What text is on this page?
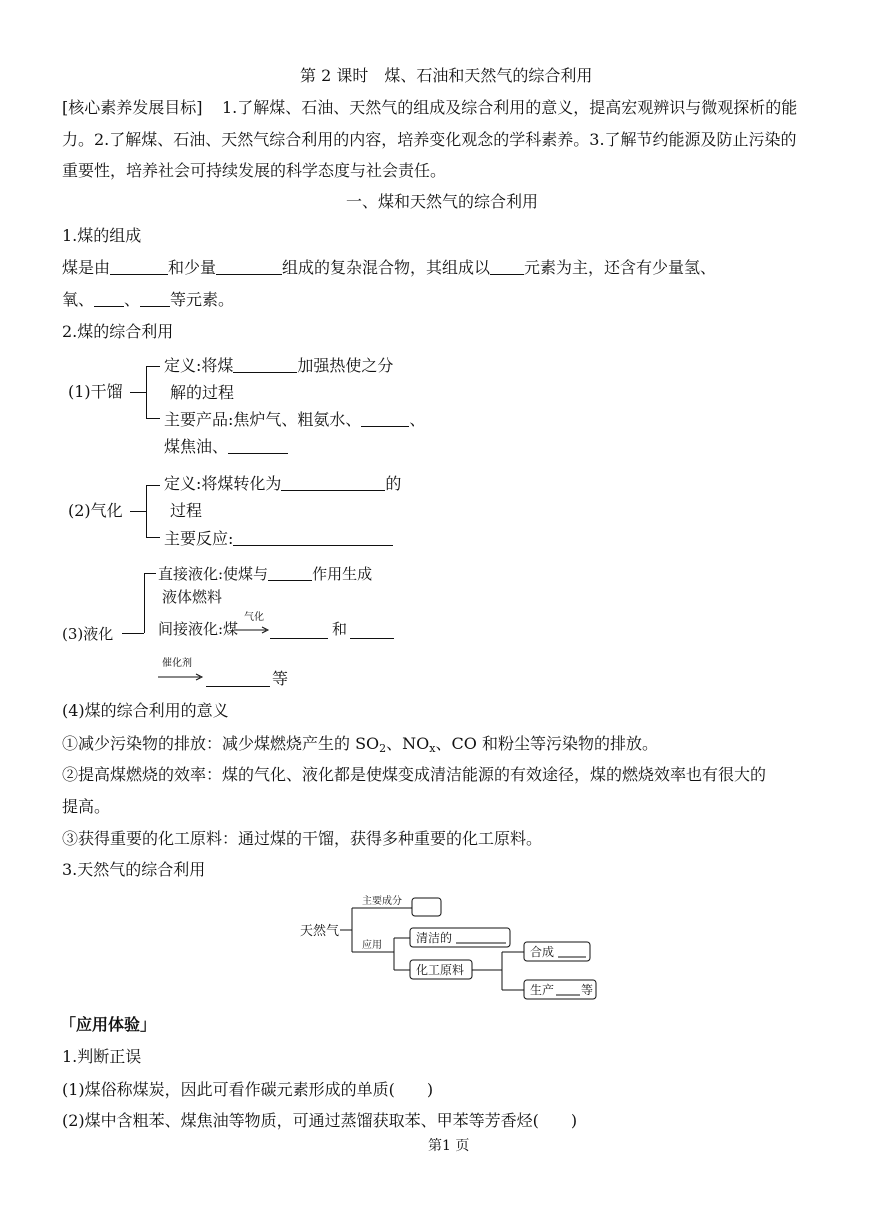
第 2 课时　煤、石油和天然气的综合利用
[核心素养发展目标] 1.了解煤、石油、天然气的组成及综合利用的意义，提高宏观辨识与微观探析的能
力。2.了解煤、石油、天然气综合利用的内容，培养变化观念的学科素养。3.了解节约能源及防止污染的
重要性，培养社会可持续发展的科学态度与社会责任。
一、煤和天然气的综合利用
1.煤的组成
煤是由	和少量	组成的复杂混合物，其组成以 元素为主，还含有少量氢、
氧、 、 等元素。
2.煤的综合利用
(1)干馏
定义:将煤	加强热使之分
解的过程
主要产品:焦炉气、粗氨水、	、
煤焦油、
(2)气化
定义:将煤转化为	的
过程
主要反应:
(3)液化
直接液化:使煤与	作用生成
液体燃料
间接液化:煤
气化
和
催化剂
等
(4)煤的综合利用的意义
①减少污染物的排放：减少煤燃烧产生的 $SO_2$、$NO_x$、CO 和粉尘等污染物的排放。
②提高煤燃烧的效率：煤的气化、液化都是使煤变成清洁能源的有效途径，煤的燃烧效率也有很大的
提高。
③获得重要的化工原料：通过煤的干馏，获得多种重要的化工原料。
3.天然气的综合利用
天然气
主要成分
应用
清洁的
化工原料
合成
生产 等
「应用体验」
1.判断正误
(1)煤俗称煤炭，因此可看作碳元素形成的单质(　　)
(2)煤中含粗苯、煤焦油等物质，可通过蒸馏获取苯、甲苯等芳香烃(　　)
第1 页
